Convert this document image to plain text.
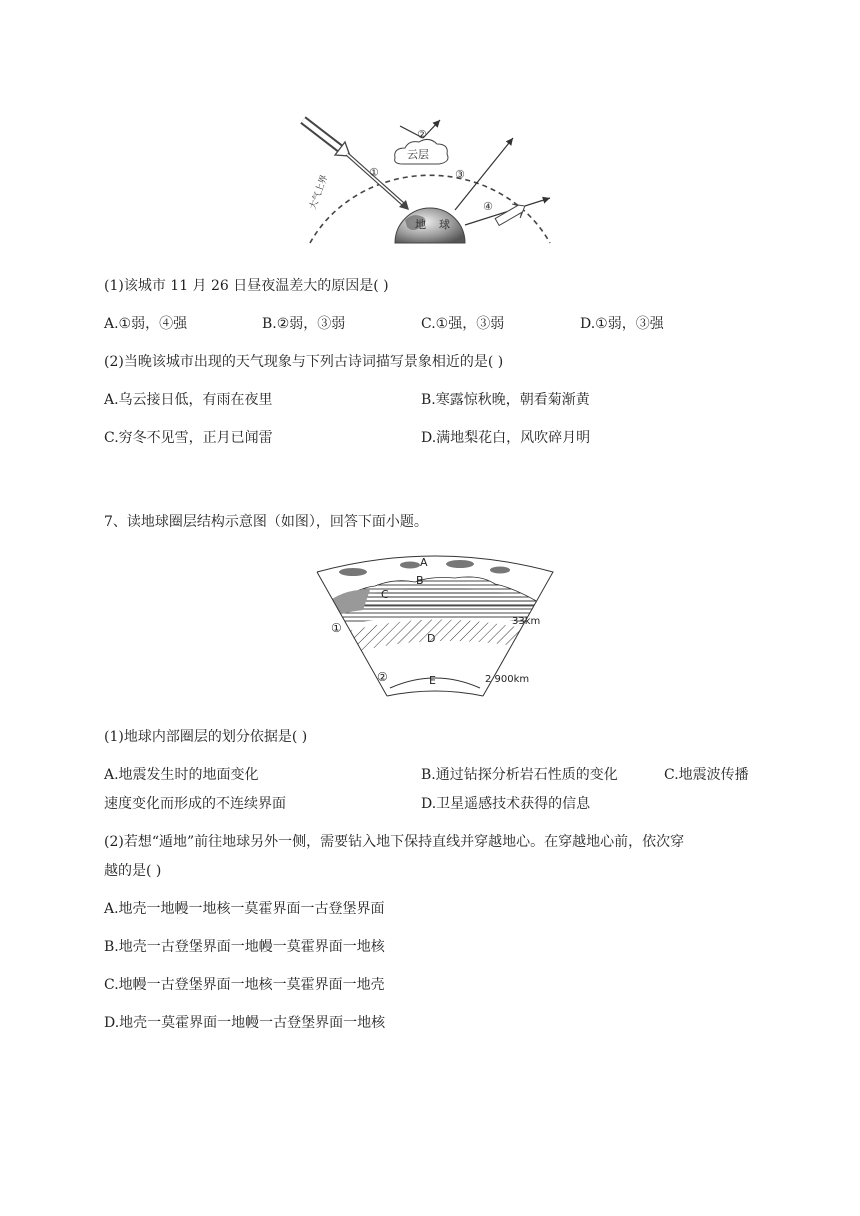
云层
地 球
大气上界
①
②
③
④
(1)该城市 11 月 26 日昼夜温差大的原因是( )
A.①弱，④强	B.②弱，③弱	C.①强，③弱	D.①弱，③强
(2)当晚该城市出现的天气现象与下列古诗词描写景象相近的是( )
A.乌云接日低，有雨在夜里	B.寒露惊秋晚，朝看菊渐黄
C.穷冬不见雪，正月已闻雷	D.满地梨花白，风吹碎月明
7、读地球圈层结构示意图（如图），回答下面小题。
A
B
C
D
E
①
②
33km
2 900km
(1)地球内部圈层的划分依据是( )
A.地震发生时的地面变化	B.通过钻探分析岩石性质的变化	C.地震波传播
速度变化而形成的不连续界面	D.卫星遥感技术获得的信息
(2)若想“遁地”前往地球另外一侧，需要钻入地下保持直线并穿越地心。在穿越地心前，依次穿
越的是( )
A.地壳一地幔一地核一莫霍界面一古登堡界面
B.地壳一古登堡界面一地幔一莫霍界面一地核
C.地幔一古登堡界面一地核一莫霍界面一地壳
D.地壳一莫霍界面一地幔一古登堡界面一地核
